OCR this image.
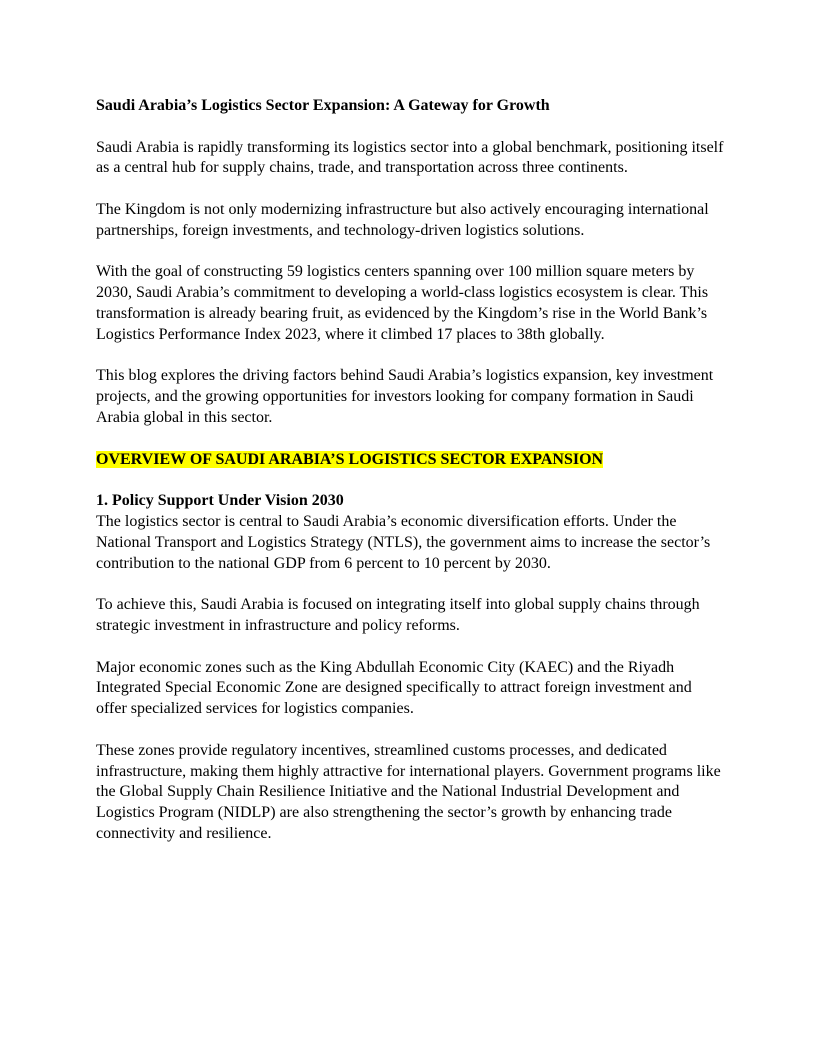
Saudi Arabia’s Logistics Sector Expansion: A Gateway for Growth

Saudi Arabia is rapidly transforming its logistics sector into a global benchmark, positioning itself as a central hub for supply chains, trade, and transportation across three continents.

The Kingdom is not only modernizing infrastructure but also actively encouraging international partnerships, foreign investments, and technology-driven logistics solutions.

With the goal of constructing 59 logistics centers spanning over 100 million square meters by 2030, Saudi Arabia’s commitment to developing a world-class logistics ecosystem is clear. This transformation is already bearing fruit, as evidenced by the Kingdom’s rise in the World Bank’s Logistics Performance Index 2023, where it climbed 17 places to 38th globally.

This blog explores the driving factors behind Saudi Arabia’s logistics expansion, key investment projects, and the growing opportunities for investors looking for company formation in Saudi Arabia global in this sector.

OVERVIEW OF SAUDI ARABIA’S LOGISTICS SECTOR EXPANSION

1. Policy Support Under Vision 2030
The logistics sector is central to Saudi Arabia’s economic diversification efforts. Under the National Transport and Logistics Strategy (NTLS), the government aims to increase the sector’s contribution to the national GDP from 6 percent to 10 percent by 2030.

To achieve this, Saudi Arabia is focused on integrating itself into global supply chains through strategic investment in infrastructure and policy reforms.

Major economic zones such as the King Abdullah Economic City (KAEC) and the Riyadh Integrated Special Economic Zone are designed specifically to attract foreign investment and offer specialized services for logistics companies.

These zones provide regulatory incentives, streamlined customs processes, and dedicated infrastructure, making them highly attractive for international players. Government programs like the Global Supply Chain Resilience Initiative and the National Industrial Development and Logistics Program (NIDLP) are also strengthening the sector’s growth by enhancing trade connectivity and resilience.
